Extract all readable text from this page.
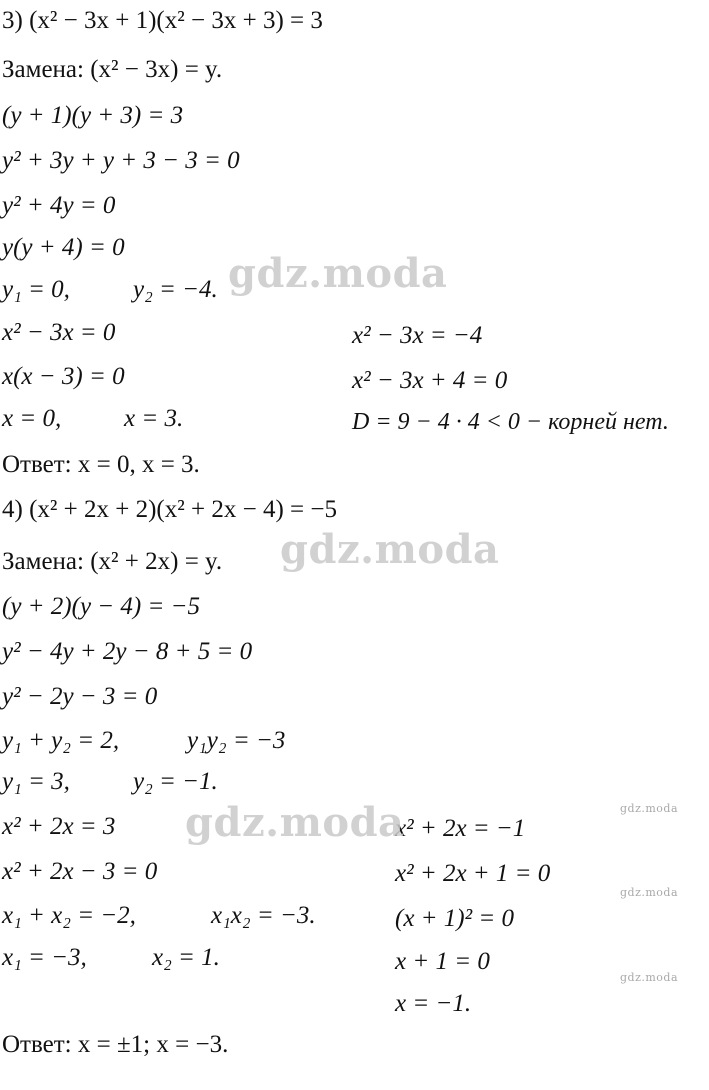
3) (x² − 3x + 1)(x² − 3x + 3) = 3
Замена: (x² − 3x) = y.
(y + 1)(y + 3) = 3
y² + 3y + y + 3 − 3 = 0
y² + 4y = 0
y(y + 4) = 0
y₁ = 0,	y₂ = −4.
x² − 3x = 0
x(x − 3) = 0
x = 0,	x = 3.
x² − 3x = −4
x² − 3x + 4 = 0
D = 9 − 4 · 4 < 0 − корней нет.
Ответ: x = 0, x = 3.
4) (x² + 2x + 2)(x² + 2x − 4) = −5
Замена: (x² + 2x) = y.
(y + 2)(y − 4) = −5
y² − 4y + 2y − 8 + 5 = 0
y² − 2y − 3 = 0
y₁ + y₂ = 2,	y₁y₂ = −3
y₁ = 3,	y₂ = −1.
x² + 2x = 3
x² + 2x − 3 = 0
x₁ + x₂ = −2,	x₁x₂ = −3.
x₁ = −3,	x₂ = 1.
x² + 2x = −1
x² + 2x + 1 = 0
(x + 1)² = 0
x + 1 = 0
x = −1.
Ответ: x = ±1; x = −3.
gdz.moda
gdz.moda
gdz.moda	gdz.moda
gdz.moda
gdz.moda
